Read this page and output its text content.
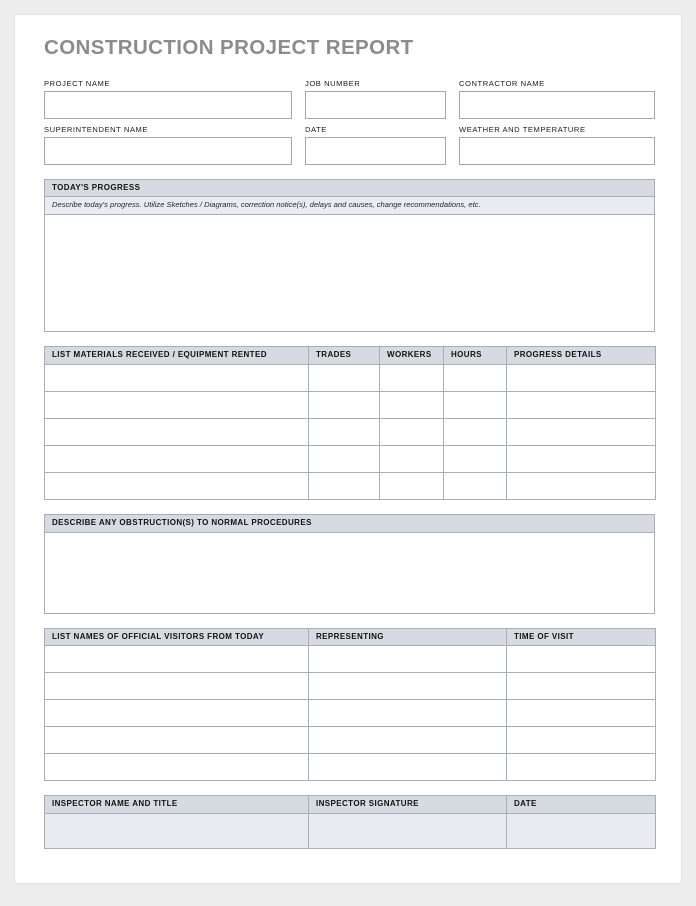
CONSTRUCTION PROJECT REPORT
PROJECT NAME	JOB NUMBER	CONTRACTOR NAME
SUPERINTENDENT NAME	DATE	WEATHER AND TEMPERATURE
TODAY'S PROGRESS
Describe today's progress. Utilize Sketches / Diagrams, correction notice(s), delays and causes, change recommendations, etc.
LIST MATERIALS RECEIVED / EQUIPMENT RENTED	TRADES	WORKERS	HOURS	PROGRESS DETAILS

DESCRIBE ANY OBSTRUCTION(S) TO NORMAL PROCEDURES
LIST NAMES OF OFFICIAL VISITORS FROM TODAY	REPRESENTING	TIME OF VISIT

INSPECTOR NAME AND TITLE	INSPECTOR SIGNATURE	DATE
